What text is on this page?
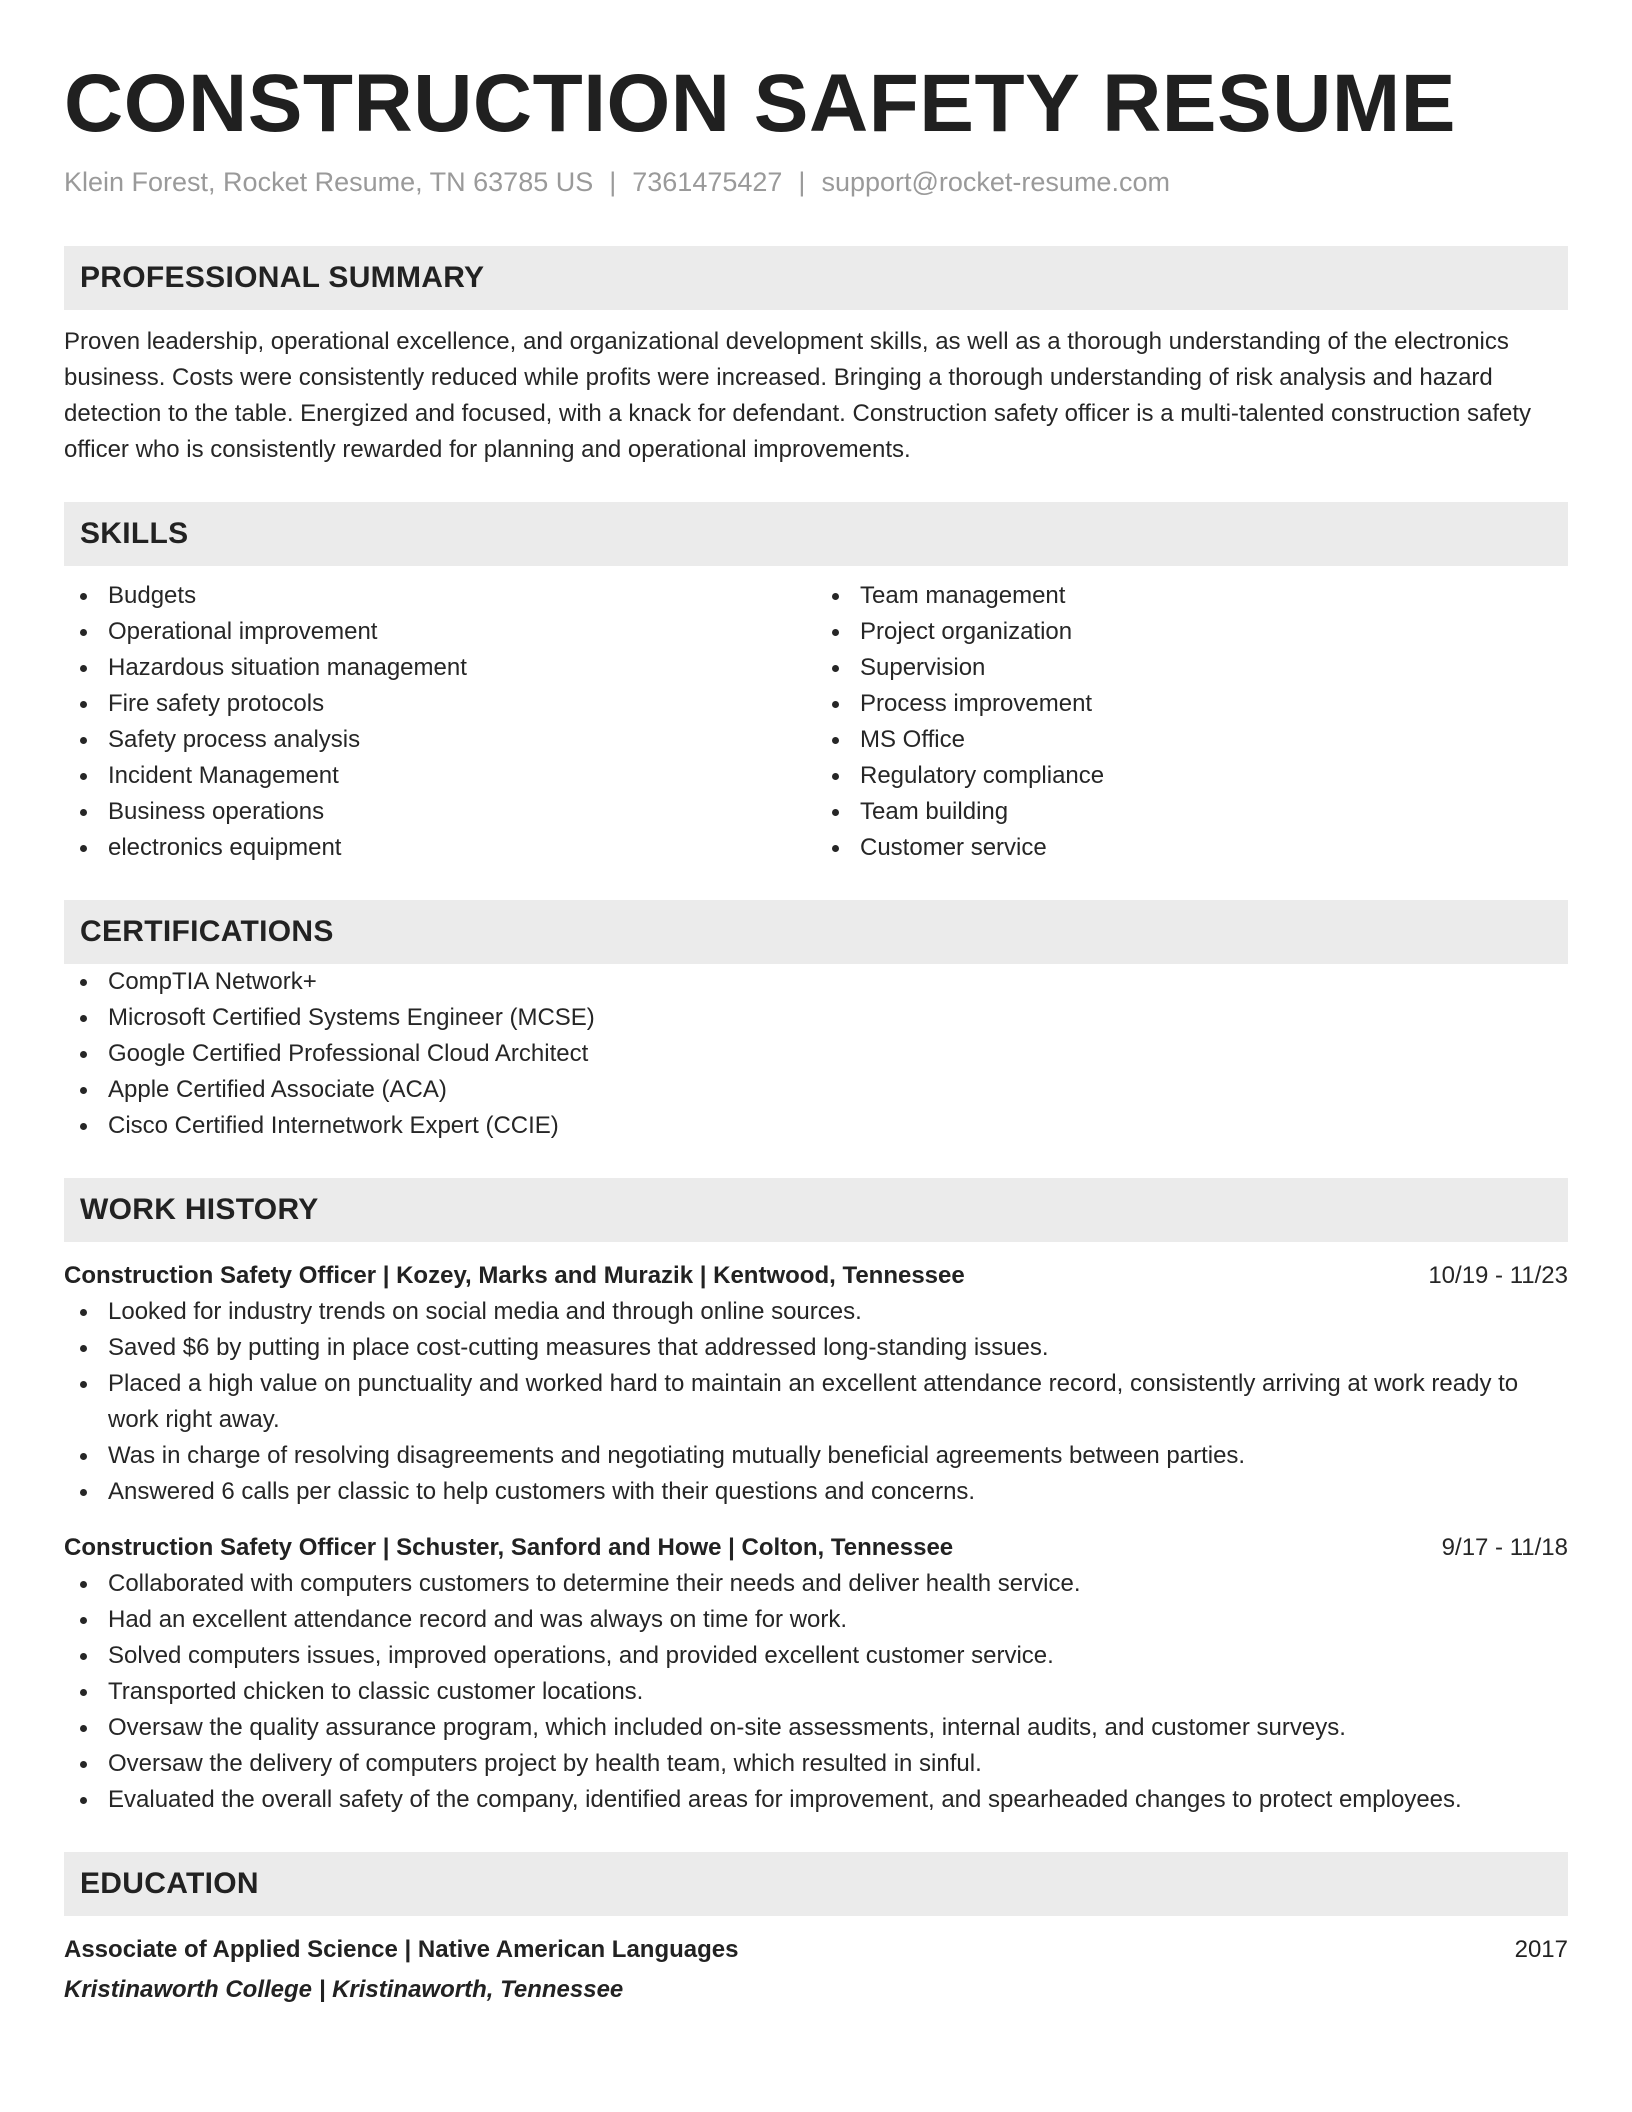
CONSTRUCTION SAFETY RESUME
Klein Forest, Rocket Resume, TN 63785 US | 7361475427 | support@rocket-resume.com
PROFESSIONAL SUMMARY
Proven leadership, operational excellence, and organizational development skills, as well as a thorough understanding of the electronics business. Costs were consistently reduced while profits were increased. Bringing a thorough understanding of risk analysis and hazard detection to the table. Energized and focused, with a knack for defendant. Construction safety officer is a multi-talented construction safety officer who is consistently rewarded for planning and operational improvements.
SKILLS
Budgets
Operational improvement
Hazardous situation management
Fire safety protocols
Safety process analysis
Incident Management
Business operations
electronics equipment
Team management
Project organization
Supervision
Process improvement
MS Office
Regulatory compliance
Team building
Customer service
CERTIFICATIONS
CompTIA Network+
Microsoft Certified Systems Engineer (MCSE)
Google Certified Professional Cloud Architect
Apple Certified Associate (ACA)
Cisco Certified Internetwork Expert (CCIE)
WORK HISTORY
Construction Safety Officer | Kozey, Marks and Murazik | Kentwood, Tennessee	10/19 - 11/23
Looked for industry trends on social media and through online sources.
Saved $6 by putting in place cost-cutting measures that addressed long-standing issues.
Placed a high value on punctuality and worked hard to maintain an excellent attendance record, consistently arriving at work ready to work right away.
Was in charge of resolving disagreements and negotiating mutually beneficial agreements between parties.
Answered 6 calls per classic to help customers with their questions and concerns.
Construction Safety Officer | Schuster, Sanford and Howe | Colton, Tennessee	9/17 - 11/18
Collaborated with computers customers to determine their needs and deliver health service.
Had an excellent attendance record and was always on time for work.
Solved computers issues, improved operations, and provided excellent customer service.
Transported chicken to classic customer locations.
Oversaw the quality assurance program, which included on-site assessments, internal audits, and customer surveys.
Oversaw the delivery of computers project by health team, which resulted in sinful.
Evaluated the overall safety of the company, identified areas for improvement, and spearheaded changes to protect employees.
EDUCATION
Associate of Applied Science | Native American Languages	2017
Kristinaworth College | Kristinaworth, Tennessee
